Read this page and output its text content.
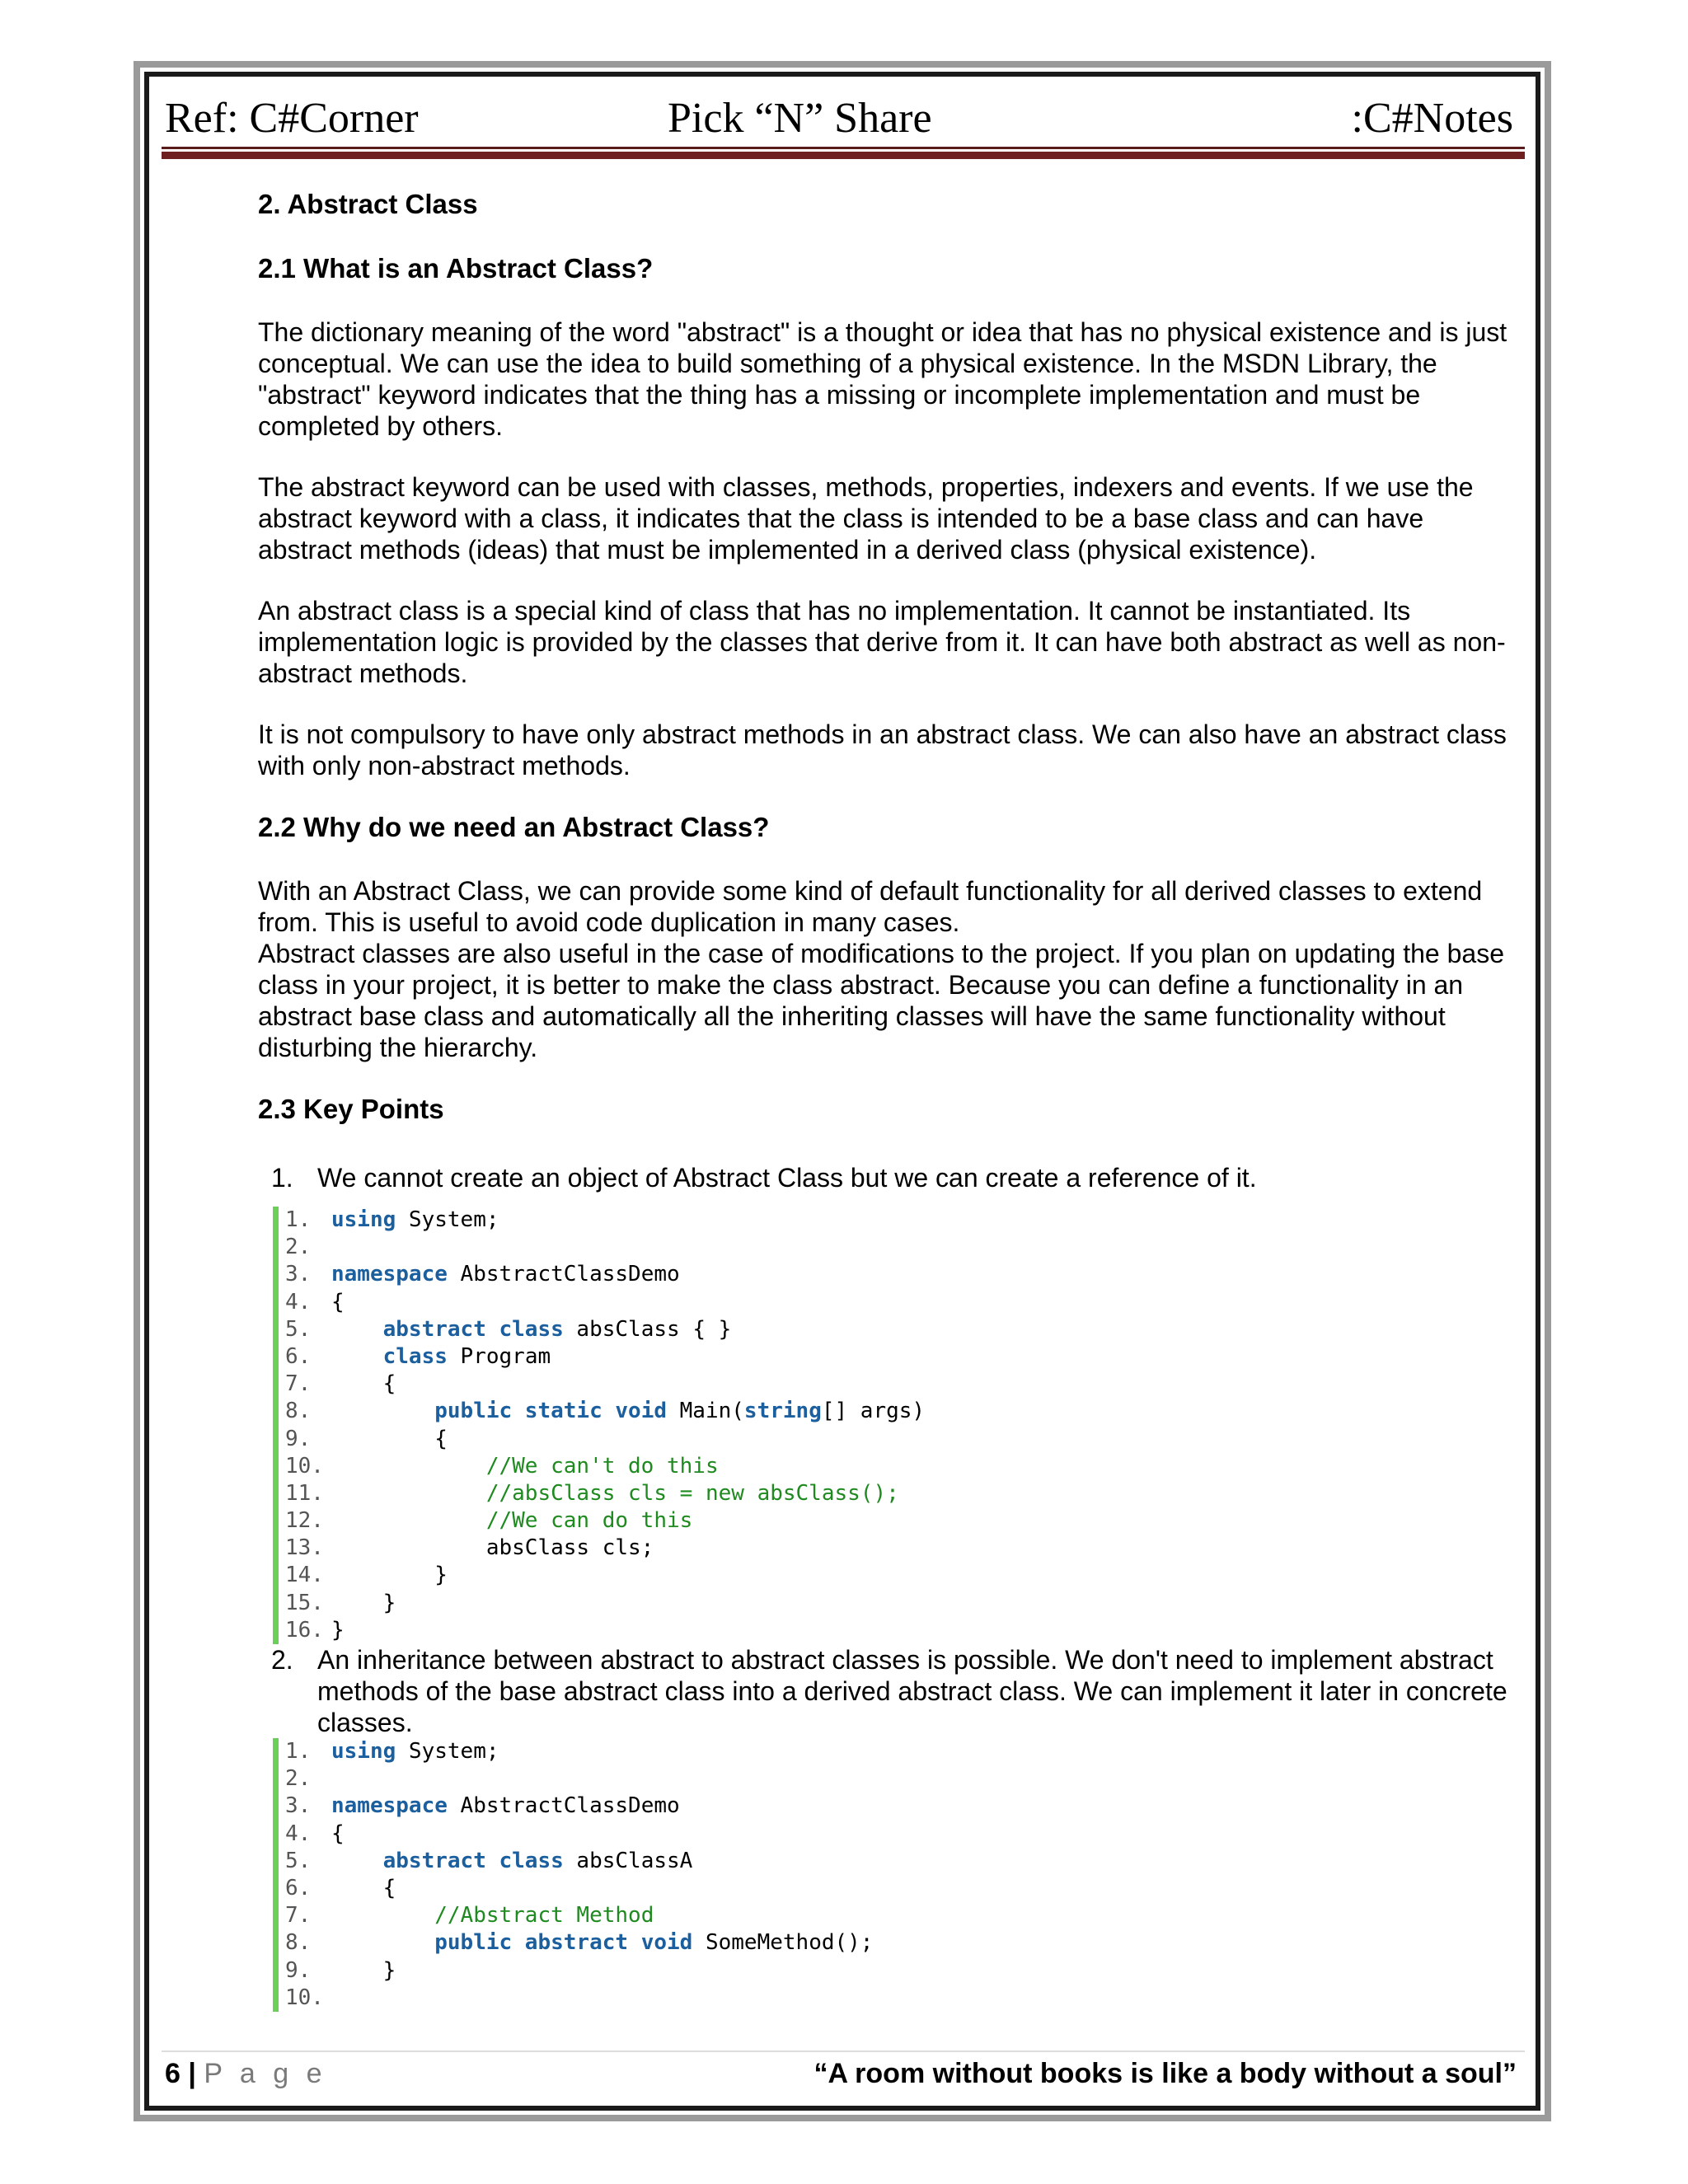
Ref: C#Corner	Pick “N” Share	:C#Notes

2. Abstract Class

2.1 What is an Abstract Class?

The dictionary meaning of the word "abstract" is a thought or idea that has no physical existence and is just conceptual. We can use the idea to build something of a physical existence. In the MSDN Library, the "abstract" keyword indicates that the thing has a missing or incomplete implementation and must be completed by others.

The abstract keyword can be used with classes, methods, properties, indexers and events. If we use the abstract keyword with a class, it indicates that the class is intended to be a base class and can have abstract methods (ideas) that must be implemented in a derived class (physical existence).

An abstract class is a special kind of class that has no implementation. It cannot be instantiated. Its implementation logic is provided by the classes that derive from it. It can have both abstract as well as non-abstract methods.

It is not compulsory to have only abstract methods in an abstract class. We can also have an abstract class with only non-abstract methods.

2.2 Why do we need an Abstract Class?

With an Abstract Class, we can provide some kind of default functionality for all derived classes to extend from. This is useful to avoid code duplication in many cases.

Abstract classes are also useful in the case of modifications to the project. If you plan on updating the base class in your project, it is better to make the class abstract. Because you can define a functionality in an abstract base class and automatically all the inheriting classes will have the same functionality without disturbing the hierarchy.

2.3 Key Points

1. We cannot create an object of Abstract Class but we can create a reference of it.
1. using System;
2.
3. namespace AbstractClassDemo
4. {
5.	abstract class absClass { }
6.	class Program
7.    {
8.	public static void Main(string[] args)
9.        {
10.	//We can't do this
11.	//absClass cls = new absClass();
12.	//We can do this
13.            absClass cls;
14.        }
15.    }
16. }
2. An inheritance between abstract to abstract classes is possible. We don't need to implement abstract methods of the base abstract class into a derived abstract class. We can implement it later in concrete classes.
1. using System;
2.
3. namespace AbstractClassDemo
4. {
5.	abstract class absClassA
6.    {
7.	//Abstract Method
8.	public abstract void SomeMethod();
9.    }
10.
6 | P a g e	“A room without books is like a body without a soul”
